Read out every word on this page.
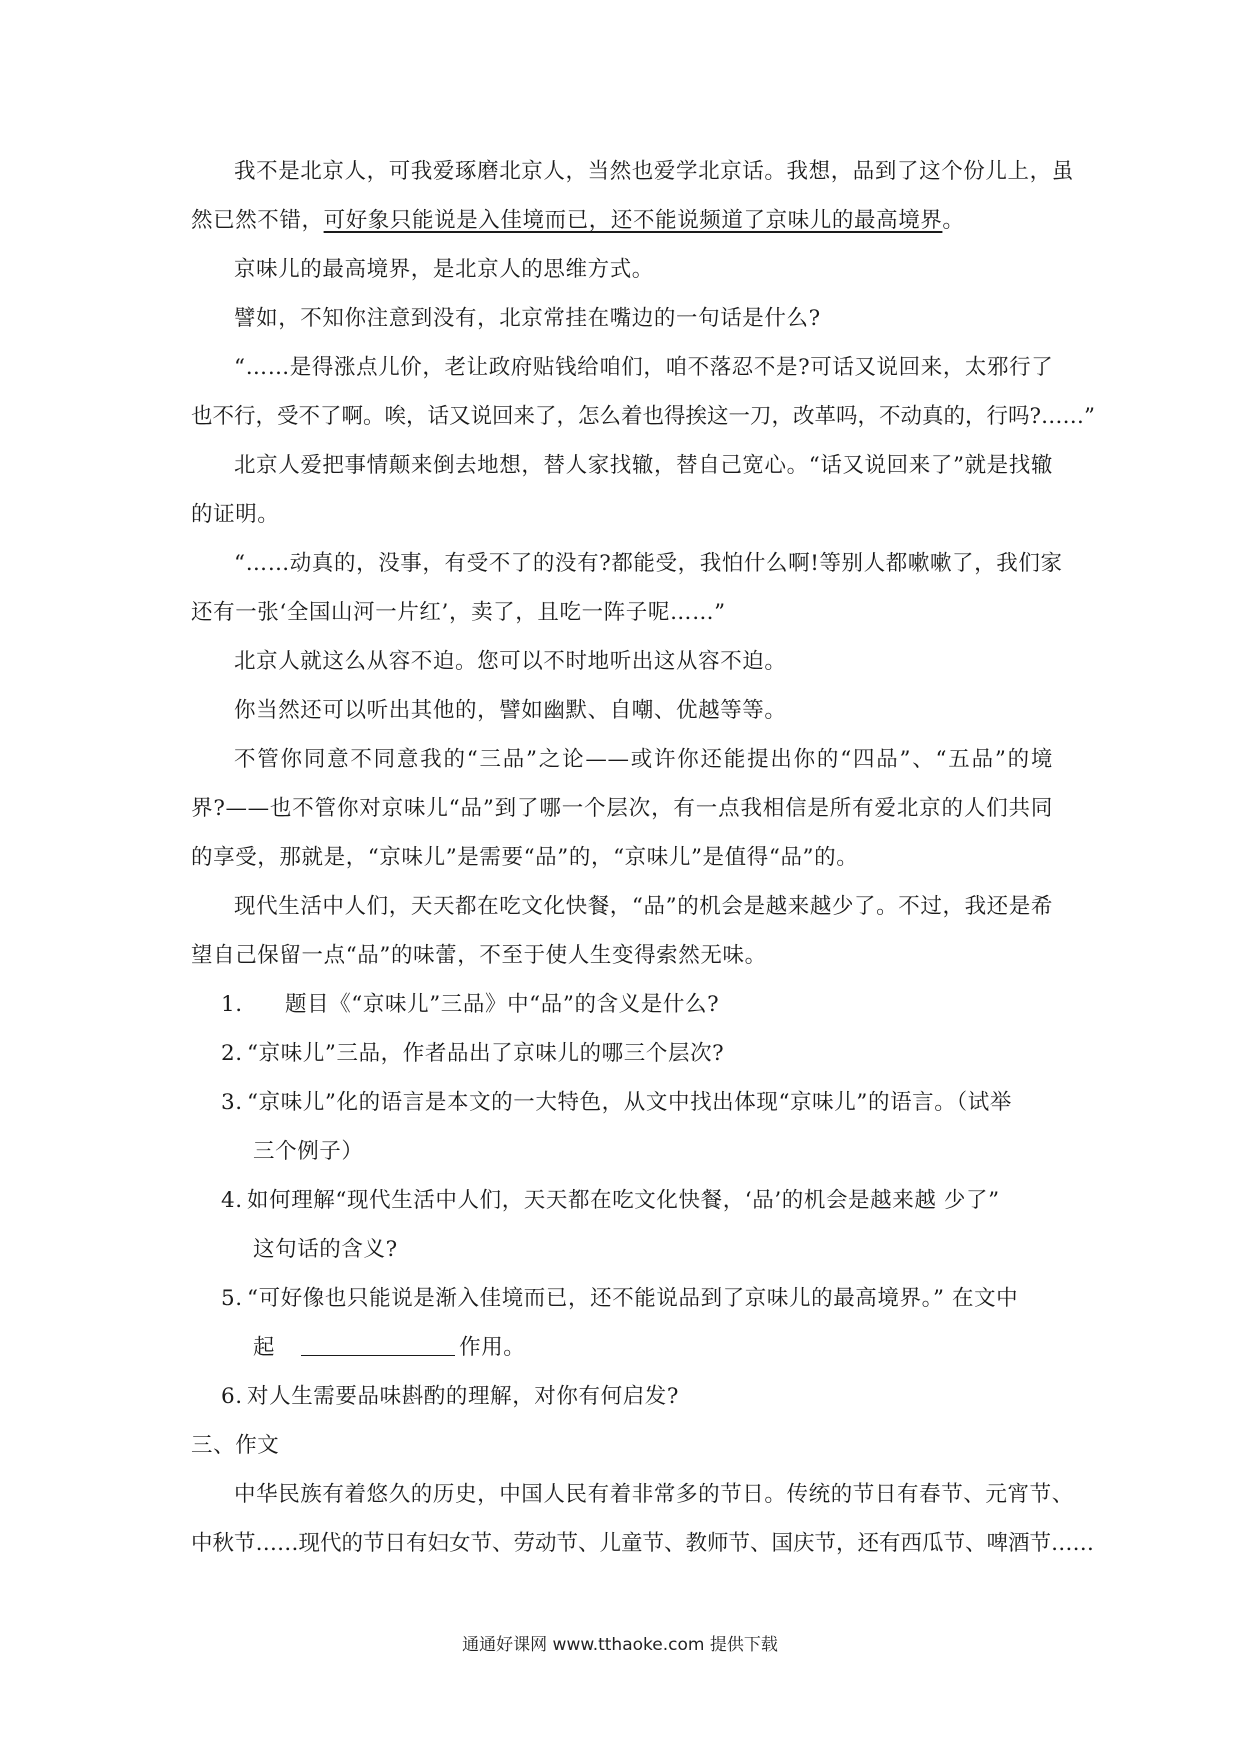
我不是北京人，可我爱琢磨北京人，当然也爱学北京话。我想，品到了这个份儿上，虽
然已然不错，可好象只能说是入佳境而已，还不能说频道了京味儿的最高境界。
京味儿的最高境界，是北京人的思维方式。
譬如，不知你注意到没有，北京常挂在嘴边的一句话是什么?
“……是得涨点儿价，老让政府贴钱给咱们，咱不落忍不是?可话又说回来，太邪行了
也不行，受不了啊。唉，话又说回来了，怎么着也得挨这一刀，改革吗，不动真的，行吗?……”
北京人爱把事情颠来倒去地想，替人家找辙，替自己宽心。“话又说回来了”就是找辙
的证明。
“……动真的，没事，有受不了的没有?都能受，我怕什么啊!等别人都嗽嗽了，我们家
还有一张‘全国山河一片红’，卖了，且吃一阵子呢……”
北京人就这么从容不迫。您可以不时地听出这从容不迫。
你当然还可以听出其他的，譬如幽默、自嘲、优越等等。
不管你同意不同意我的“三品”之论——或许你还能提出你的“四品”、“五品”的境
界?——也不管你对京味儿“品”到了哪一个层次，有一点我相信是所有爱北京的人们共同
的享受，那就是，“京味儿”是需要“品”的，“京味儿”是值得“品”的。
现代生活中人们，天天都在吃文化快餐，“品”的机会是越来越少了。不过，我还是希
望自己保留一点“品”的味蕾，不至于使人生变得索然无味。
1. 题目《“京味儿”三品》中“品”的含义是什么?
2. “京味儿”三品，作者品出了京味儿的哪三个层次?
3. “京味儿”化的语言是本文的一大特色，从文中找出体现“京味儿”的语言。（试举
三个例子）
4. 如何理解“现代生活中人们，天天都在吃文化快餐，‘品’的机会是越来越 少了”
这句话的含义?
5. “可好像也只能说是渐入佳境而已，还不能说品到了京味儿的最高境界。” 在文中
起	作用。
6. 对人生需要品味斟酌的理解，对你有何启发?
三、作文
中华民族有着悠久的历史，中国人民有着非常多的节日。传统的节日有春节、元宵节、
中秋节……现代的节日有妇女节、劳动节、儿童节、教师节、国庆节，还有西瓜节、啤酒节……
通通好课网 www.tthaoke.com 提供下载
